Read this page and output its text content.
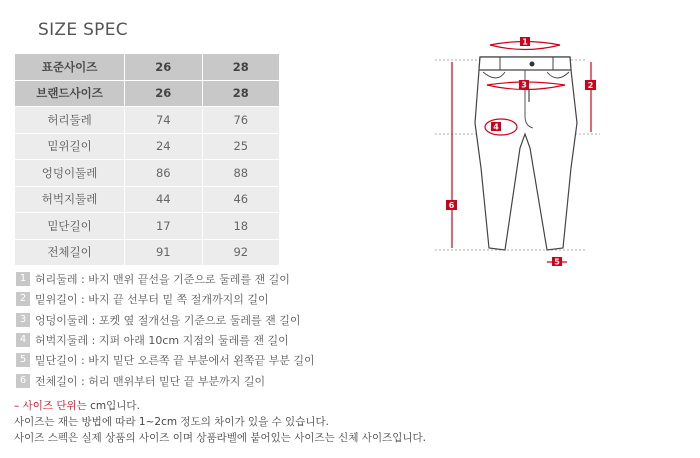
SIZE SPEC
표준사이즈	26	28
브랜드사이즈	26	28
허리둘레	74	76
밑위길이	24	25
엉덩이둘레	86	88
허벅지둘레	44	46
밑단길이	17	18
전체길이	91	92
1 허리둘레 : 바지 맨위 끝선을 기준으로 둘레를 잰 길이
2 밑위길이 : 바지 끝 선부터 밑 쪽 절개까지의 길이
3 엉덩이둘레 : 포켓 옆 절개선을 기준으로 둘레를 잰 길이
4 허벅지둘레 : 지퍼 아래 10cm 지점의 둘레를 잰 길이
5 밑단길이 : 바지 밑단 오른쪽 끝 부분에서 왼쪽끝 부분 길이
6 전체길이 : 허리 맨위부터 밑단 끝 부분까지 길이
– 사이즈 단위는 cm입니다.
사이즈는 재는 방법에 따라 1~2cm 정도의 차이가 있을 수 있습니다.
사이즈 스펙은 실제 상품의 사이즈 이며 상품라벨에 붙어있는 사이즈는 신체 사이즈입니다.
1
2
3
4
5
6
